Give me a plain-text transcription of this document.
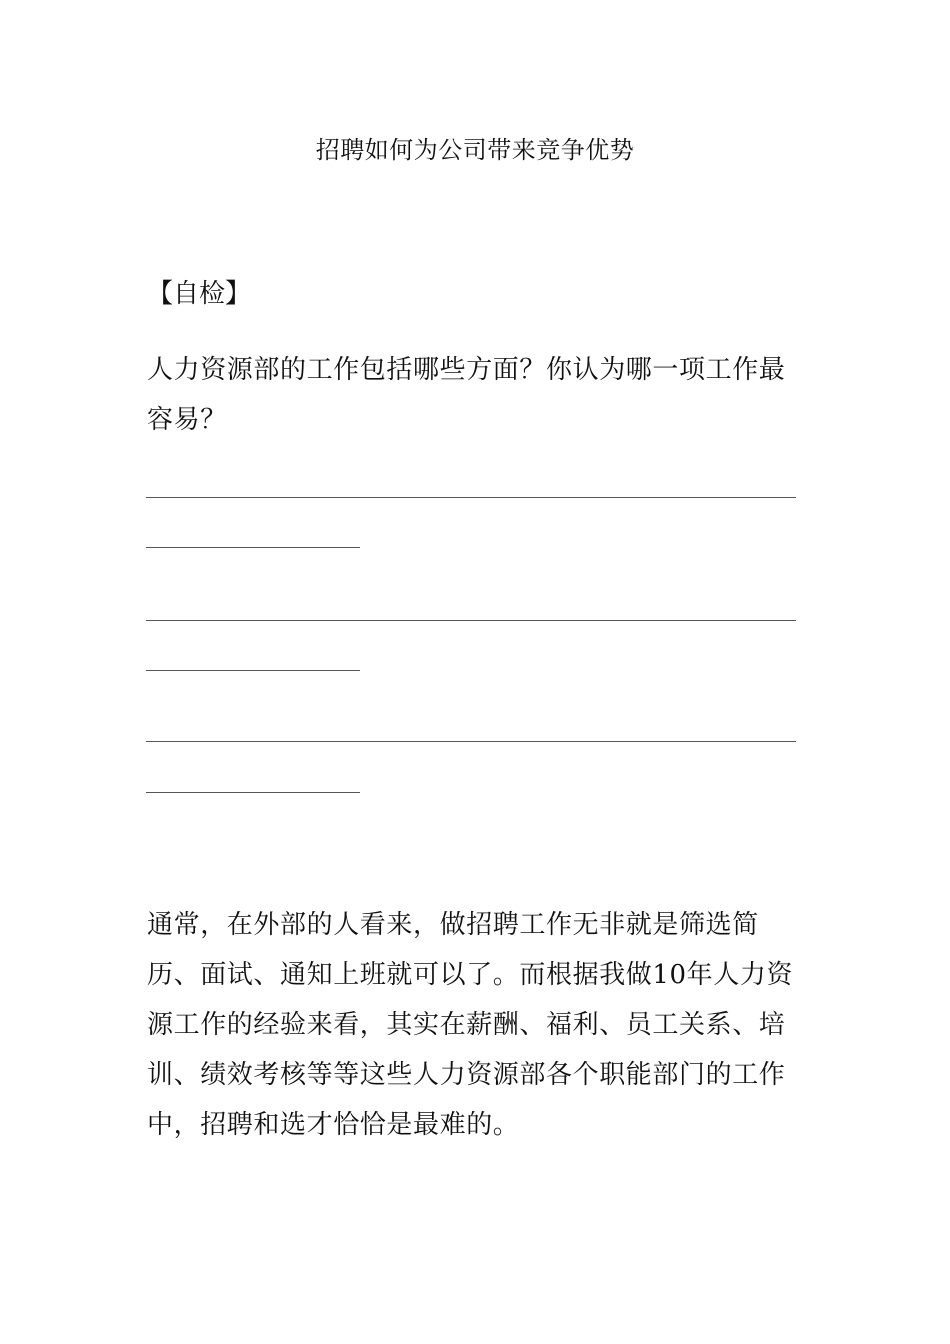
招聘如何为公司带来竞争优势
【自检】
人力资源部的工作包括哪些方面？你认为哪一项工作最容易？
通常，在外部的人看来，做招聘工作无非就是筛选简历、面试、通知上班就可以了。而根据我做10年人力资源工作的经验来看，其实在薪酬、福利、员工关系、培训、绩效考核等等这些人力资源部各个职能部门的工作中，招聘和选才恰恰是最难的。
